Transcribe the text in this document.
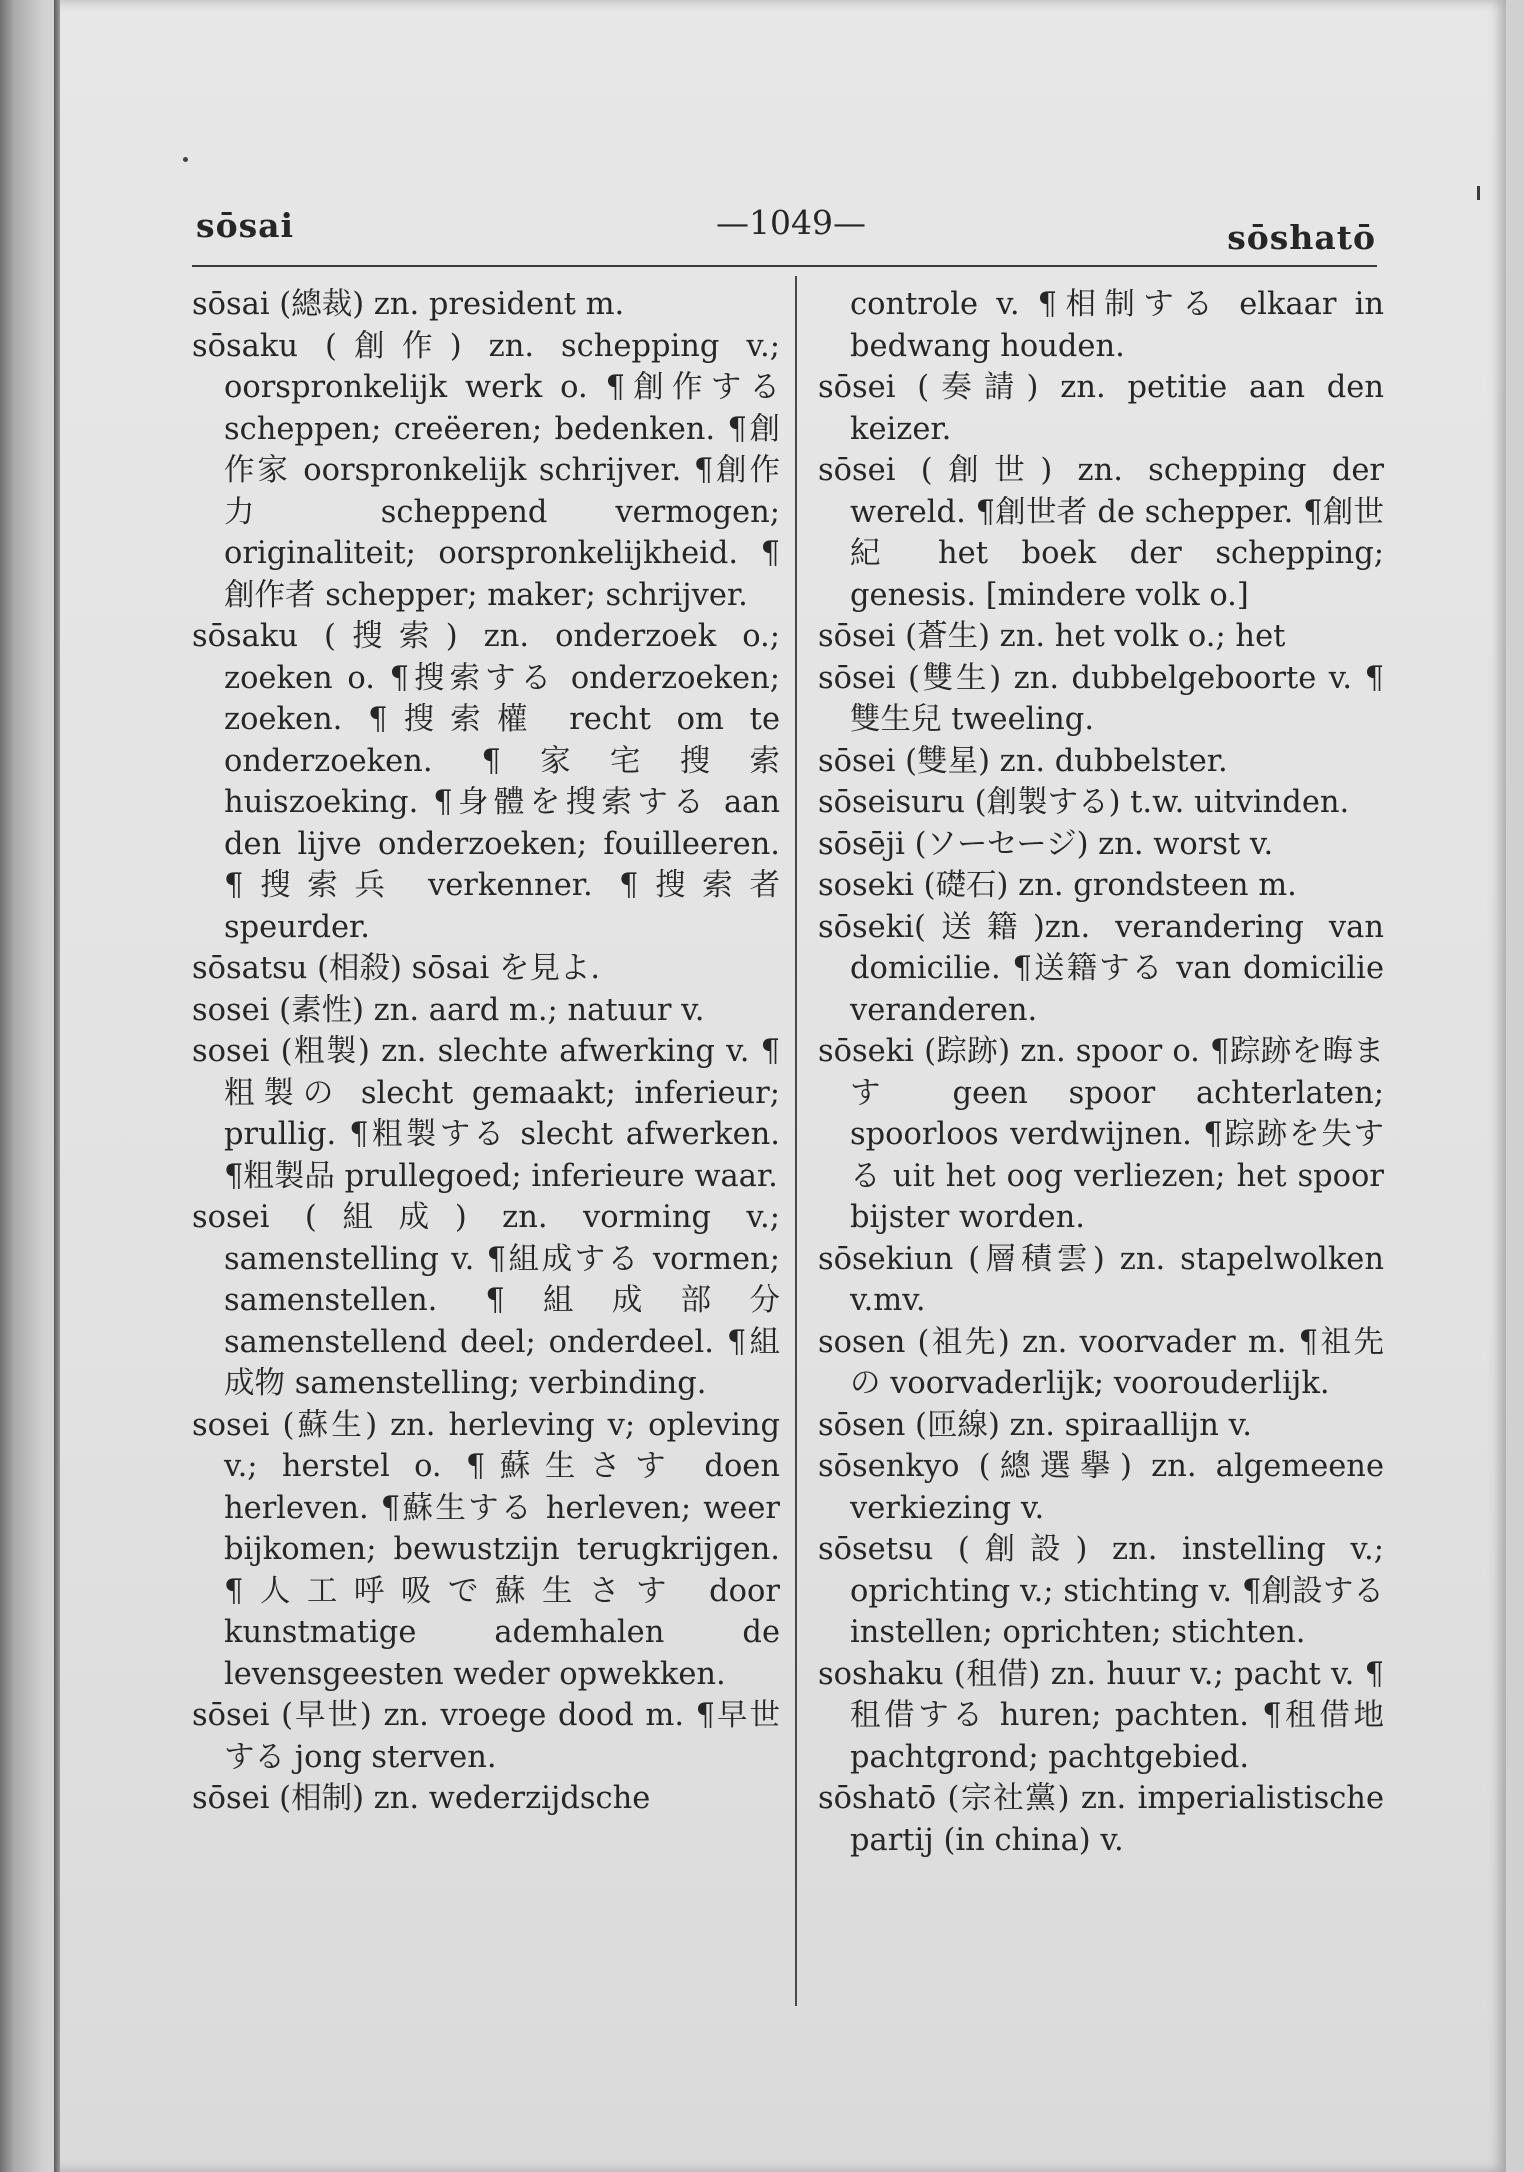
sōsai	—1049—	sōshatō

sōsai (總裁) zn. president m.

sōsaku (創作) zn. schepping v.; oorspronkelijk werk o. ¶創作する scheppen; creëeren; bedenken. ¶創作家 oorspronkelijk schrijver. ¶創作力 scheppend vermogen; originaliteit; oorspronkelijkheid. ¶創作者 schepper; maker; schrijver.

sōsaku (搜索) zn. onderzoek o.; zoeken o. ¶搜索する onderzoeken; zoeken. ¶搜索權 recht om te onderzoeken. ¶家宅搜索 huiszoeking. ¶身體を搜索する aan den lijve onderzoeken; fouilleeren. ¶搜索兵 verkenner. ¶搜索者 speurder.

sōsatsu (相殺) sōsai を見よ.

sosei (素性) zn. aard m.; natuur v.

sosei (粗製) zn. slechte afwerking v. ¶粗製の slecht gemaakt; inferieur; prullig. ¶粗製する slecht afwerken. ¶粗製品 prullegoed; inferieure waar.

sosei (組成) zn. vorming v.; samenstelling v. ¶組成する vormen; samenstellen. ¶組成部分 samenstellend deel; onderdeel. ¶組成物 samenstelling; verbinding.

sosei (蘇生) zn. herleving v; opleving v.; herstel o. ¶蘇生さす doen herleven. ¶蘇生する herleven; weer bijkomen; bewustzijn terugkrijgen. ¶人工呼吸で蘇生さす door kunstmatige ademhalen de levensgeesten weder opwekken.

sōsei (早世) zn. vroege dood m. ¶早世する jong sterven.

sōsei (相制) zn. wederzijdsche

controle v. ¶相制する elkaar in bedwang houden.

sōsei (奏請) zn. petitie aan den keizer.

sōsei (創世) zn. schepping der wereld. ¶創世者 de schepper. ¶創世紀 het boek der schepping; genesis. [mindere volk o.]

sōsei (蒼生) zn. het volk o.; het

sōsei (雙生) zn. dubbelgeboorte v. ¶雙生兒 tweeling.

sōsei (雙星) zn. dubbelster.

sōseisuru (創製する) t.w. uitvinden.

sōsēji (ソーセージ) zn. worst v.

soseki (礎石) zn. grondsteen m.

sōseki(送籍)zn. verandering van domicilie. ¶送籍する van domicilie veranderen.

sōseki (踪跡) zn. spoor o. ¶踪跡を晦ます geen spoor achterlaten; spoorloos verdwijnen. ¶踪跡を失する uit het oog verliezen; het spoor bijster worden.

sōsekiun (層積雲) zn. stapelwolken v.mv.

sosen (祖先) zn. voorvader m. ¶祖先の voorvaderlijk; voorouderlijk.

sōsen (匝線) zn. spiraallijn v.

sōsenkyo (總選擧) zn. algemeene verkiezing v.

sōsetsu (創設) zn. instelling v.; oprichting v.; stichting v. ¶創設する instellen; oprichten; stichten.

soshaku (租借) zn. huur v.; pacht v. ¶租借する huren; pachten. ¶租借地 pachtgrond; pachtgebied.

sōshatō (宗社黨) zn. imperialistische partij (in china) v.
